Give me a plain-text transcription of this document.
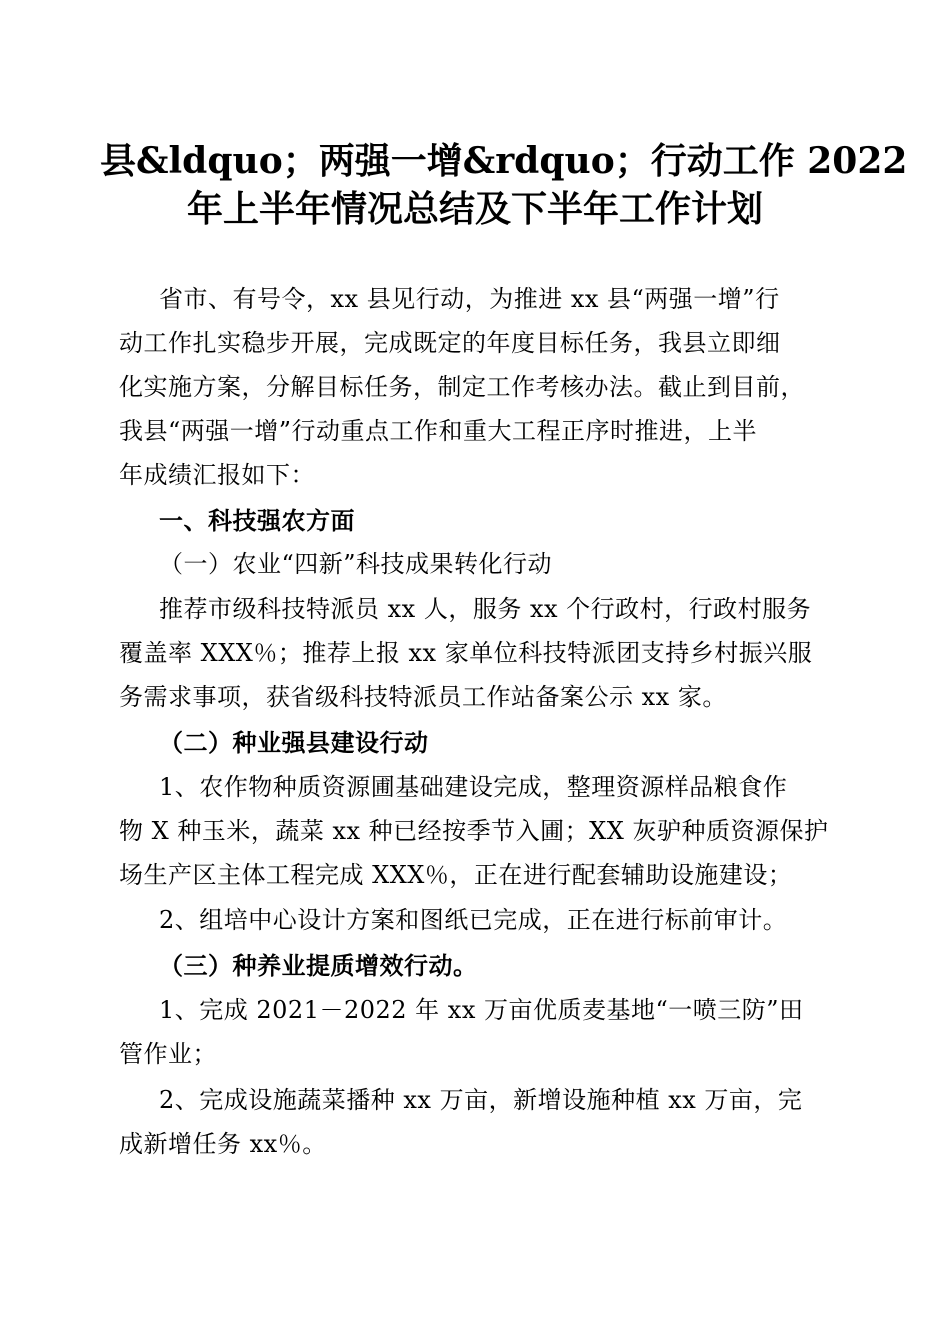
县&ldquo；两强一增&rdquo；行动工作 2022
年上半年情况总结及下半年工作计划
省市、有号令，xx 县见行动，为推进 xx 县“两强一增”行
动工作扎实稳步开展，完成既定的年度目标任务，我县立即细
化实施方案，分解目标任务，制定工作考核办法。截止到目前，
我县“两强一增”行动重点工作和重大工程正序时推进，上半
年成绩汇报如下：
一、科技强农方面
（一）农业“四新”科技成果转化行动
推荐市级科技特派员 xx 人，服务 xx 个行政村，行政村服务
覆盖率 XXX％；推荐上报 xx 家单位科技特派团支持乡村振兴服
务需求事项，获省级科技特派员工作站备案公示 xx 家。
（二）种业强县建设行动
1、农作物种质资源圃基础建设完成，整理资源样品粮食作
物 X 种玉米，蔬菜 xx 种已经按季节入圃；XX 灰驴种质资源保护
场生产区主体工程完成 XXX％，正在进行配套辅助设施建设；
2、组培中心设计方案和图纸已完成，正在进行标前审计。
（三）种养业提质增效行动。
1、完成 2021－2022 年 xx 万亩优质麦基地“一喷三防”田
管作业；
2、完成设施蔬菜播种 xx 万亩，新增设施种植 xx 万亩，完
成新增任务 xx％。
